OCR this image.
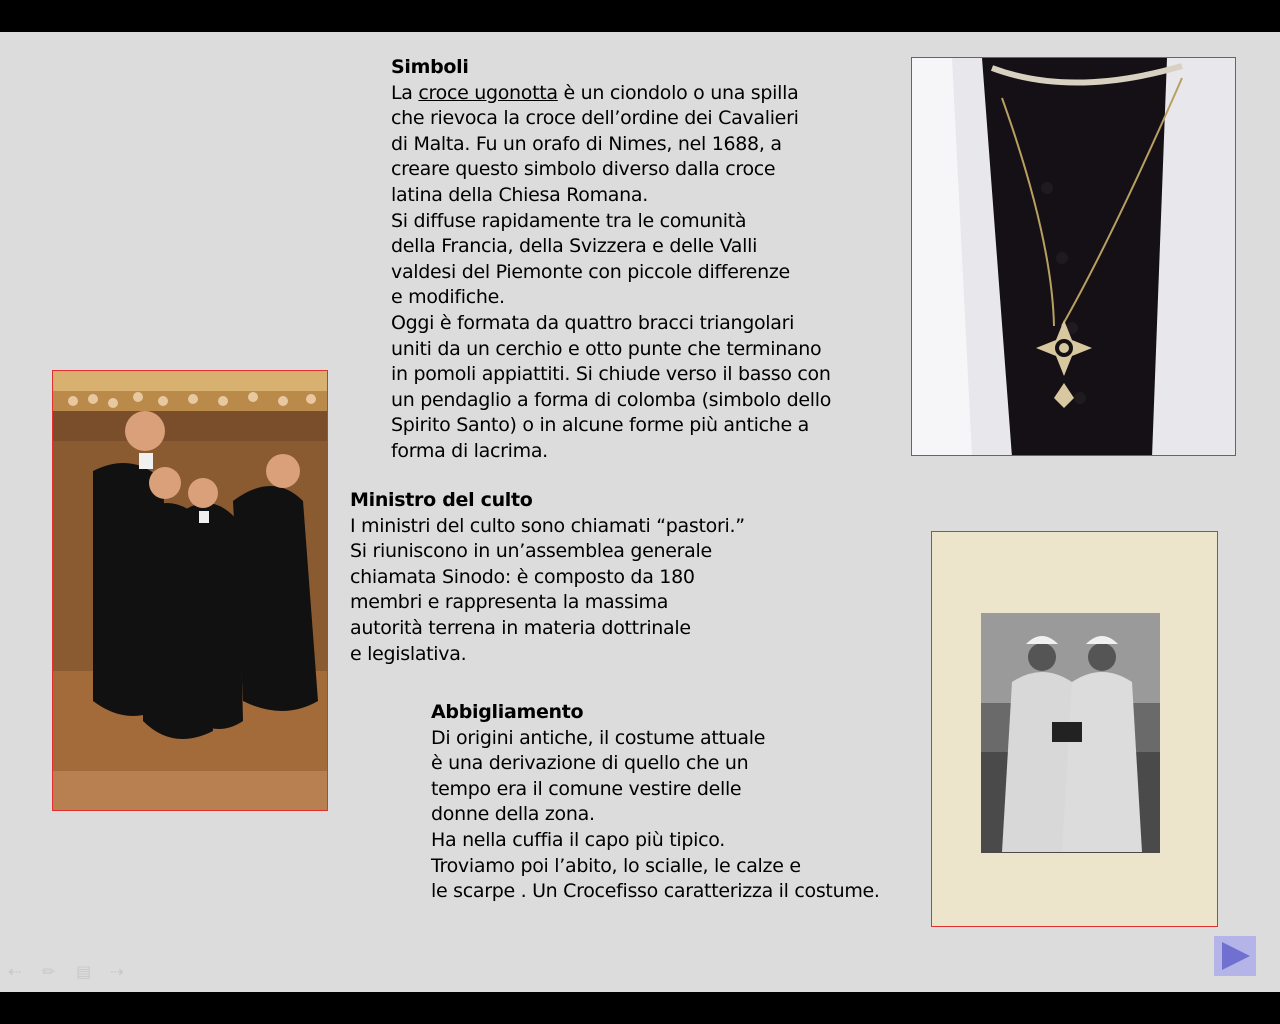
Simboli
La croce ugonotta è un ciondolo o una spilla
che rievoca la croce dell’ordine dei Cavalieri
di Malta. Fu un orafo di Nimes, nel 1688, a
creare questo simbolo diverso dalla croce
latina della Chiesa Romana.
Si diffuse rapidamente tra le comunità
della Francia, della Svizzera e delle Valli
valdesi del Piemonte con piccole differenze
e modifiche.
Oggi è formata da quattro bracci triangolari
uniti da un cerchio e otto punte che terminano
in pomoli appiattiti. Si chiude verso il basso con
un pendaglio a forma di colomba (simbolo dello
Spirito Santo) o in alcune forme più antiche a
forma di lacrima.
Ministro del culto
I ministri del culto sono chiamati “pastori.”
Si riuniscono in un’assemblea generale
chiamata Sinodo: è composto da 180
membri e rappresenta la massima
autorità terrena in materia dottrinale
e legislativa.
Abbigliamento
Di origini antiche, il costume attuale
è una derivazione di quello che un
tempo era il comune vestire delle
donne della zona.
Ha nella cuffia il capo più tipico.
Troviamo poi l’abito, lo scialle, le calze e
le scarpe . Un Crocefisso caratterizza il costume.
⇠ ✏ ▤ ⇢
